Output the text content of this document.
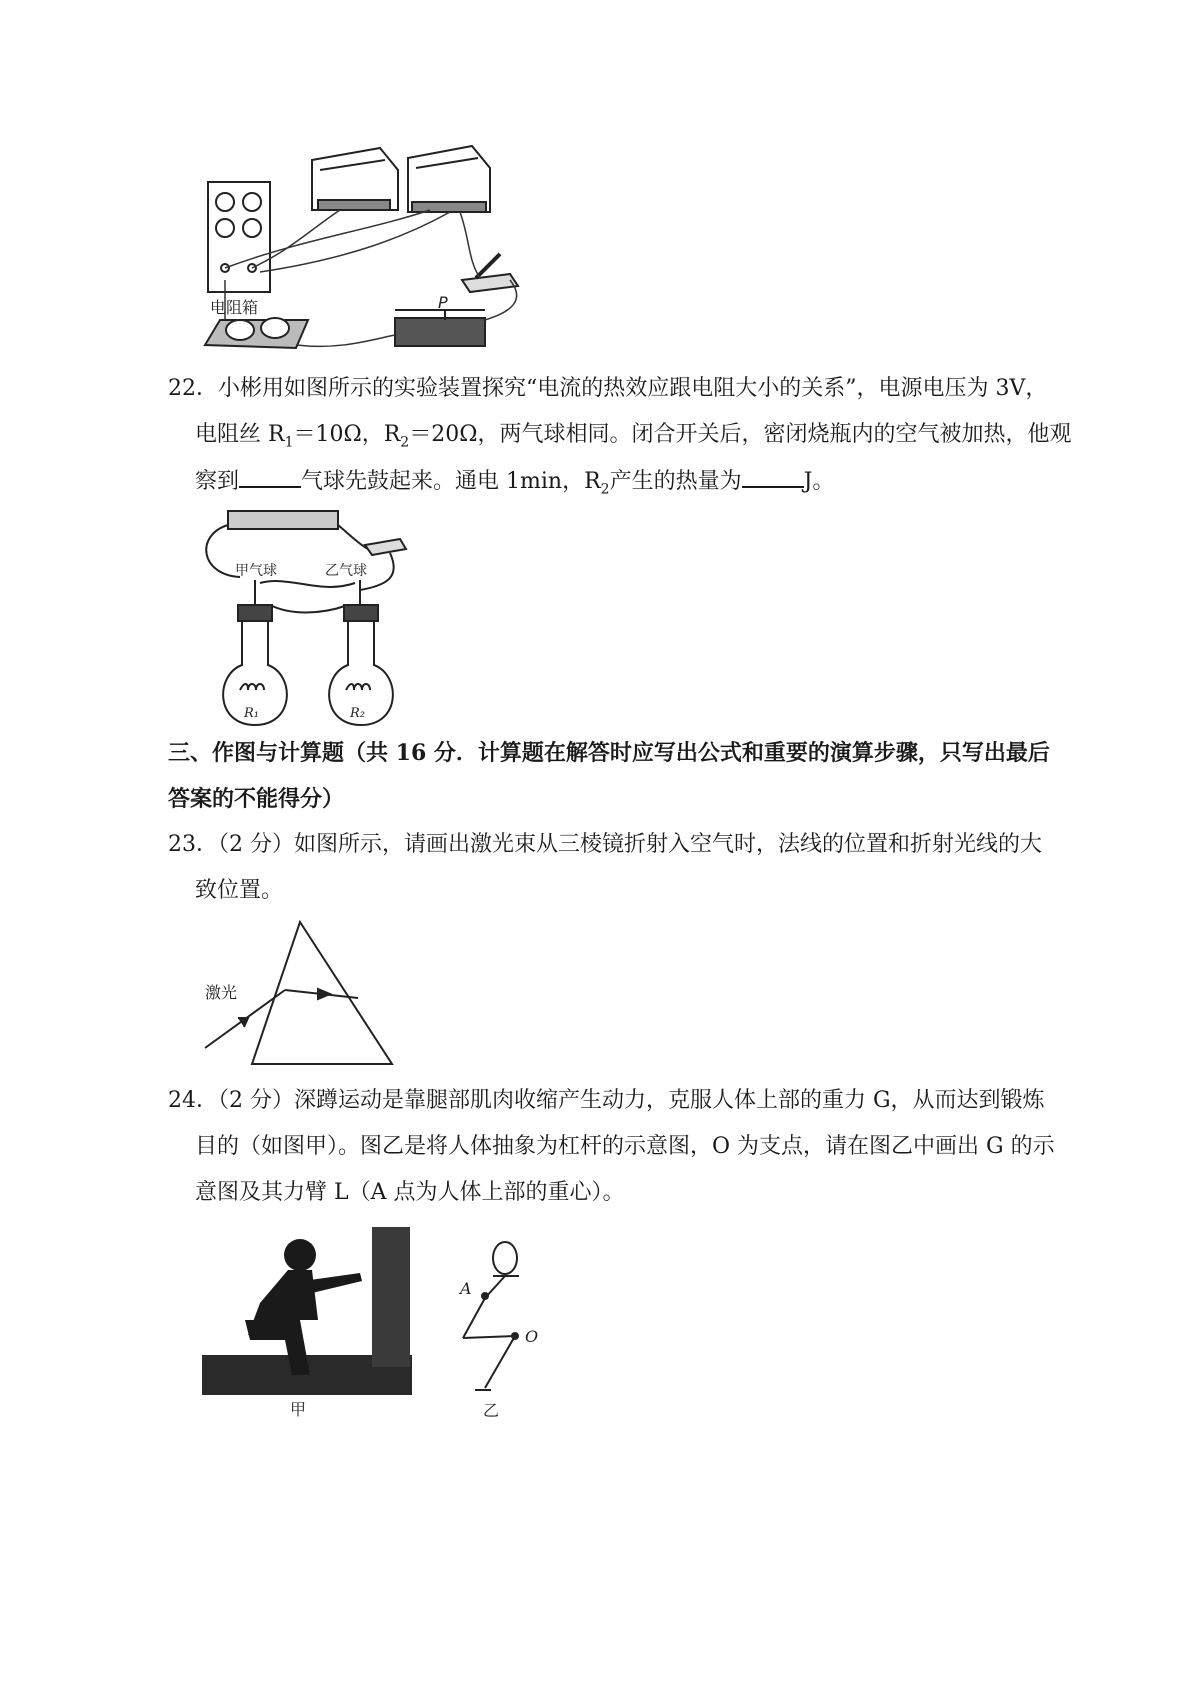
电阻箱	P
22．小彬用如图所示的实验装置探究“电流的热效应跟电阻大小的关系”，电源电压为 3V，
电阻丝 $R_1=10\Omega$，$R_2=20\Omega$，两气球相同。闭合开关后，密闭烧瓶内的空气被加热，他观
察到	气球先鼓起来。通电 1min，$R_2$产生的热量为	J。
甲气球	乙气球
R₁	R₂
三、作图与计算题（共 16 分．计算题在解答时应写出公式和重要的演算步骤，只写出最后
答案的不能得分）
23．（2 分）如图所示，请画出激光束从三棱镜折射入空气时，法线的位置和折射光线的大
致位置。
激光
24．（2 分）深蹲运动是靠腿部肌肉收缩产生动力，克服人体上部的重力 G，从而达到锻炼
目的（如图甲）。图乙是将人体抽象为杠杆的示意图，O 为支点，请在图乙中画出 G 的示
意图及其力臂 L（A 点为人体上部的重心）。
甲
A
O
乙
